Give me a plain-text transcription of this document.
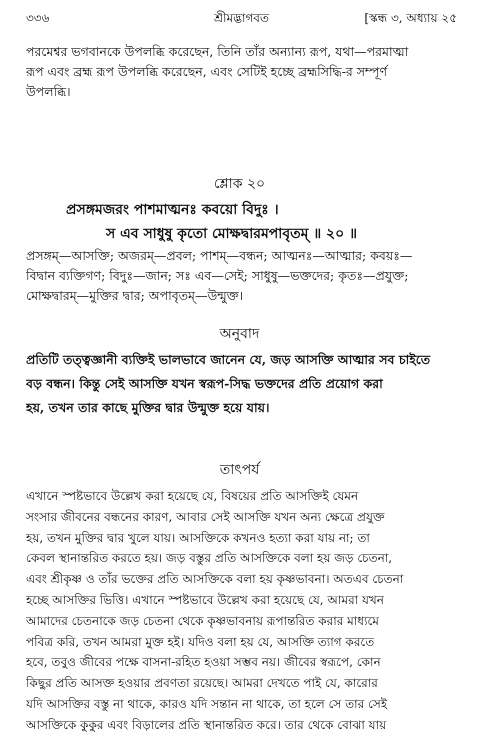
৩৩৬	শ্রীমদ্ভাগবত	[স্কন্ধ ৩, অধ্যায় ২৫
পরমেশ্বর ভগবানকে উপলব্ধি করেছেন, তিনি তাঁর অন্যান্য রূপ, যথা—পরমাত্মা
রূপ এবং ব্রহ্ম রূপ উপলব্ধি করেছেন, এবং সেটিই হচ্ছে ব্রহ্মসিদ্ধি-র সম্পূর্ণ
উপলব্ধি।
শ্লোক ২০
প্রসঙ্গমজরং পাশমাত্মনঃ কবয়ো বিদুঃ ।
স এব সাধুষু কৃতো মোক্ষদ্বারমপাবৃতম্ ॥ ২০ ॥
প্রসঙ্গম্—আসক্তি; অজরম্—প্রবল; পাশম্—বন্ধন; আত্মনঃ—আত্মার; কবয়ঃ—
বিদ্বান ব্যক্তিগণ; বিদুঃ—জান; সঃ এব—সেই; সাধুষু—ভক্তদের; কৃতঃ—প্রযুক্ত;
মোক্ষদ্বারম্—মুক্তির দ্বার; অপাবৃতম্—উন্মুক্ত।
অনুবাদ
প্রতিটি তত্ত্বজ্ঞানী ব্যক্তিই ভালভাবে জানেন যে, জড় আসক্তি আত্মার সব চাইতে
বড় বন্ধন। কিন্তু সেই আসক্তি যখন স্বরূপ-সিদ্ধ ভক্তদের প্রতি প্রয়োগ করা
হয়, তখন তার কাছে মুক্তির দ্বার উন্মুক্ত হয়ে যায়।
তাৎপর্য
এখানে স্পষ্টভাবে উল্লেখ করা হয়েছে যে, বিষয়ের প্রতি আসক্তিই যেমন
সংসার জীবনের বন্ধনের কারণ, আবার সেই আসক্তি যখন অন্য ক্ষেত্রে প্রযুক্ত
হয়, তখন মুক্তির দ্বার খুলে যায়। আসক্তিকে কখনও হত্যা করা যায় না; তা
কেবল স্থানান্তরিত করতে হয়। জড় বস্তুর প্রতি আসক্তিকে বলা হয় জড় চেতনা,
এবং শ্রীকৃষ্ণ ও তাঁর ভক্তের প্রতি আসক্তিকে বলা হয় কৃষ্ণভাবনা। অতএব চেতনা
হচ্ছে আসক্তির ভিত্তি। এখানে স্পষ্টভাবে উল্লেখ করা হয়েছে যে, আমরা যখন
আমাদের চেতনাকে জড় চেতনা থেকে কৃষ্ণভাবনায় রূপান্তরিত করার মাধ্যমে
পবিত্র করি, তখন আমরা মুক্ত হই। যদিও বলা হয় যে, আসক্তি ত্যাগ করতে
হবে, তবুও জীবের পক্ষে বাসনা-রহিত হওয়া সম্ভব নয়। জীবের স্বরূপে, কোন
কিছুর প্রতি আসক্ত হওয়ার প্রবণতা রয়েছে। আমরা দেখতে পাই যে, কারোর
যদি আসক্তির বস্তু না থাকে, কারও যদি সন্তান না থাকে, তা হলে সে তার সেই
আসক্তিকে কুকুর এবং বিড়ালের প্রতি স্থানান্তরিত করে। তার থেকে বোঝা যায়
